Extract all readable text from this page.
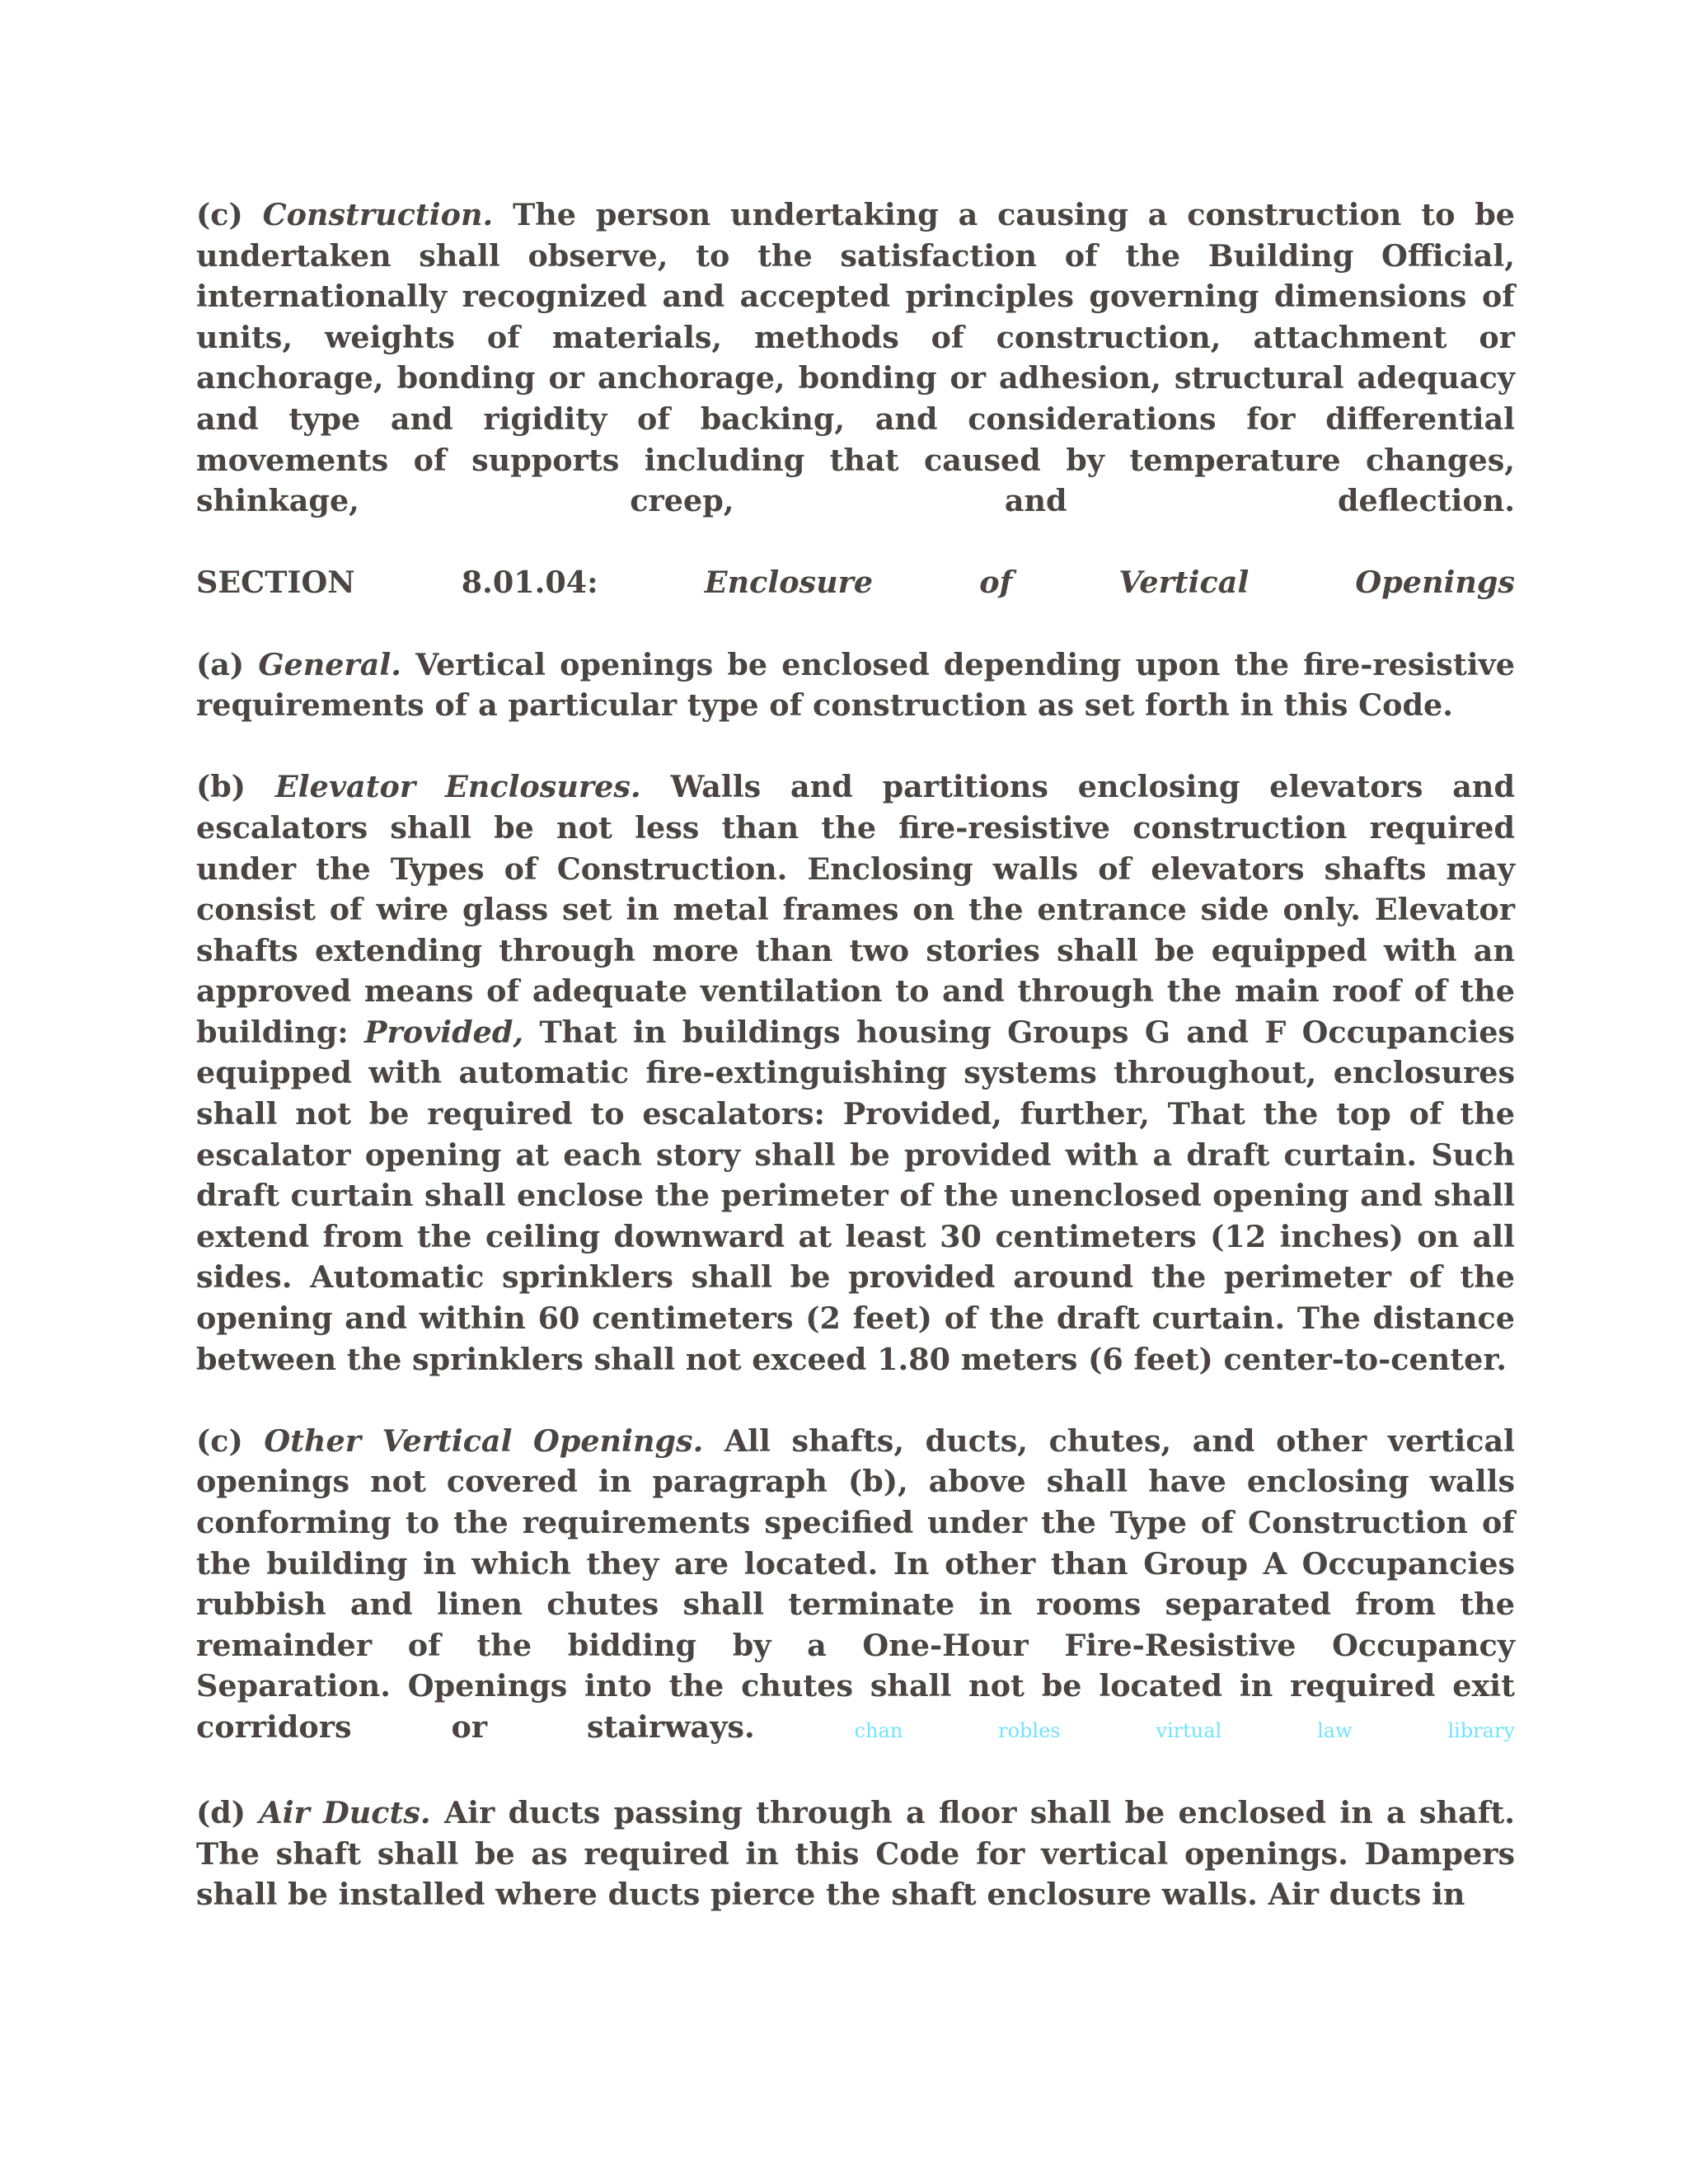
(c) Construction. The person undertaking a causing a construction to be undertaken shall observe, to the satisfaction of the Building Official, internationally recognized and accepted principles governing dimensions of units, weights of materials, methods of construction, attachment or anchorage, bonding or anchorage, bonding or adhesion, structural adequacy and type and rigidity of backing, and considerations for differential movements of supports including that caused by temperature changes, shinkage, creep, and deflection.

SECTION	8.01.04:	Enclosure	of	Vertical	Openings

(a) General. Vertical openings be enclosed depending upon the fire-resistive requirements of a particular type of construction as set forth in this Code.

(b) Elevator Enclosures. Walls and partitions enclosing elevators and escalators shall be not less than the fire-resistive construction required under the Types of Construction. Enclosing walls of elevators shafts may consist of wire glass set in metal frames on the entrance side only. Elevator shafts extending through more than two stories shall be equipped with an approved means of adequate ventilation to and through the main roof of the building: Provided, That in buildings housing Groups G and F Occupancies equipped with automatic fire-extinguishing systems throughout, enclosures shall not be required to escalators: Provided, further, That the top of the escalator opening at each story shall be provided with a draft curtain. Such draft curtain shall enclose the perimeter of the unenclosed opening and shall extend from the ceiling downward at least 30 centimeters (12 inches) on all sides. Automatic sprinklers shall be provided around the perimeter of the opening and within 60 centimeters (2 feet) of the draft curtain. The distance between the sprinklers shall not exceed 1.80 meters (6 feet) center-to-center.

(c) Other Vertical Openings. All shafts, ducts, chutes, and other vertical openings not covered in paragraph (b), above shall have enclosing walls conforming to the requirements specified under the Type of Construction of the building in which they are located. In other than Group A Occupancies rubbish and linen chutes shall terminate in rooms separated from the remainder of the bidding by a One-Hour Fire-Resistive Occupancy Separation. Openings into the chutes shall not be located in required exit corridors or stairways.	chan robles virtual law library

(d) Air Ducts. Air ducts passing through a floor shall be enclosed in a shaft. The shaft shall be as required in this Code for vertical openings. Dampers shall be installed where ducts pierce the shaft enclosure walls. Air ducts in
